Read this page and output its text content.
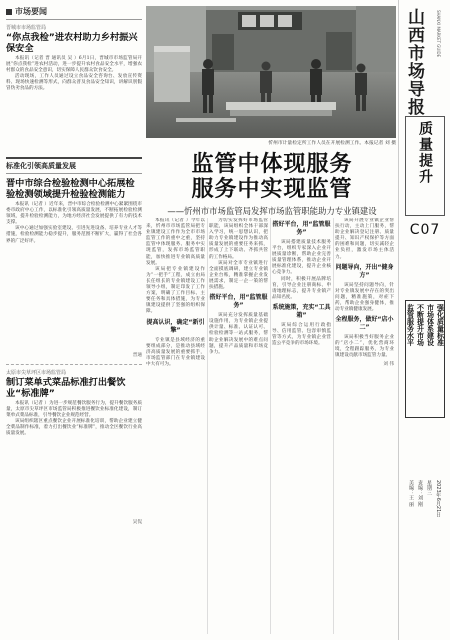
市场要闻
晋城市市场监管局
“你点我检”进农村助力乡村振兴保安全

本报讯（记者 晋 通讯员 吴 ）6月1日，晋城市市场监管局开展“你点我检”进农村活动，进一步提升农村食品安全水平，增强农村群众的食品安全意识，切实保障人民群众饮食安全。

活动现场，工作人员通过设立食品安全咨询台、发放宣传资料、现场快速检测等形式，向群众普及食品安全知识，讲解识别假冒伪劣食品的方法。

标准化引领高质量发展
晋中市综合检验检测中心拓展检验检测领域提升检验检测能力

本报讯（记者 ）近年来，晋中市综合检验检测中心紧紧围绕市委市政府中心工作，以标准化引领高质量发展，不断拓展检验检测领域，提升检验检测能力，为地方经济社会发展提供了有力的技术支撑。

该中心通过加强实验室建设、引进先进设备、培养专业人才等措施，检验检测能力稳步提升，服务范围不断扩大，赢得了社会各界的广泛好评。

晋通
太原市尖草坪区市场监管局
制订菜单式菜品标准打出餐饮业“标准牌”

本报讯（记者 ）为进一步规范餐饮服务行为，提升餐饮服务质量，太原市尖草坪区市场监管局积极推进餐饮业标准化建设，制订菜单式菜品标准，引导餐饮企业规范经营。

该局组织辖区重点餐饮企业开展标准化培训，帮助企业建立健全菜品制作标准，着力打出餐饮业“标准牌”，推动全区餐饮行业高质量发展。

吴侃
忻州市计量检定所工作人员在开展检测工作。本报记者 刘 摄
监管中体现服务
服务中实现监管
——忻州市市场监管局发挥市场监管职能助力专业镇建设

本报讯（记者 ）今年以来，忻州市市场监管局把专业镇建设工作作为全市市场监管工作的重中之重，坚持监管中体现服务、服务中实现监管，发挥市场监管职能，加快推进专业镇高质量发展。

该局把专业镇建设作为“一把手”工程，成立由局长任组长的专业镇建设工作领导小组，制定印发了工作方案，明确了工作目标、主要任务和具体措施，为专业镇建设提供了坚强的组织保障。

提高认识，确定“新引擎”

专业镇是县域经济的重要组成部分，是推动县域经济高质量发展的重要抓手，市场监管部门在专业镇建设中大有可为。

为切实发挥好市场监管职能，该局组织全体干部深入学习，统一思想认识，把助力专业镇建设作为推动高质量发展的重要任务来抓，形成了上下联动、齐抓共管的工作格局。

该局对全市专业镇进行全面摸底调研，建立专业镇企业台账，精准掌握企业发展需求，制定一企一策的帮扶措施。

搭好平台，用“监管服务”

该局充分发挥质量基础设施作用，为专业镇企业提供计量、标准、认证认可、检验检测等一站式服务，帮助企业解决发展中的难点问题，提升产品质量和市场竞争力。

搭好平台，用“监管服务”

该局搭建质量技术服务平台，组织专家深入企业开展质量诊断，帮助企业完善质量管理体系，推动企业开展标准化建设，提升企业核心竞争力。

同时，积极开展品牌培育，引导企业注册商标、申请地理标志，提升专业镇产品知名度。

系统施策，充实“工具箱”

该局综合运用行政指导、信用监管、包容审慎监管等方式，为专业镇企业营造公平竞争的市场环境。

该局开展专业镇企业帮扶行动，主动上门服务，帮助企业解决登记注册、质量提升、知识产权保护等方面的困难和问题，切实减轻企业负担，激发市场主体活力。

问题导向，开出“健身方”

该局坚持问题导向，针对专业镇发展中存在的突出问题，精准施策，对症下药，帮助企业强身健体，推动专业镇健康发展。

全程服务，做好“店小二”

该局积极当好服务企业的“店小二”，优化营商环境，全程跟踪服务，为专业镇建设贡献市场监管力量。

刘 伟
山西市场导报	SHANXI MARKET GUIDE
质量提升
C07
强化质量标准
市场体系建设
不断提升市场
监管服务水平
2023年6月21日
星期三
责编：刘 刚
美编：王 丽
